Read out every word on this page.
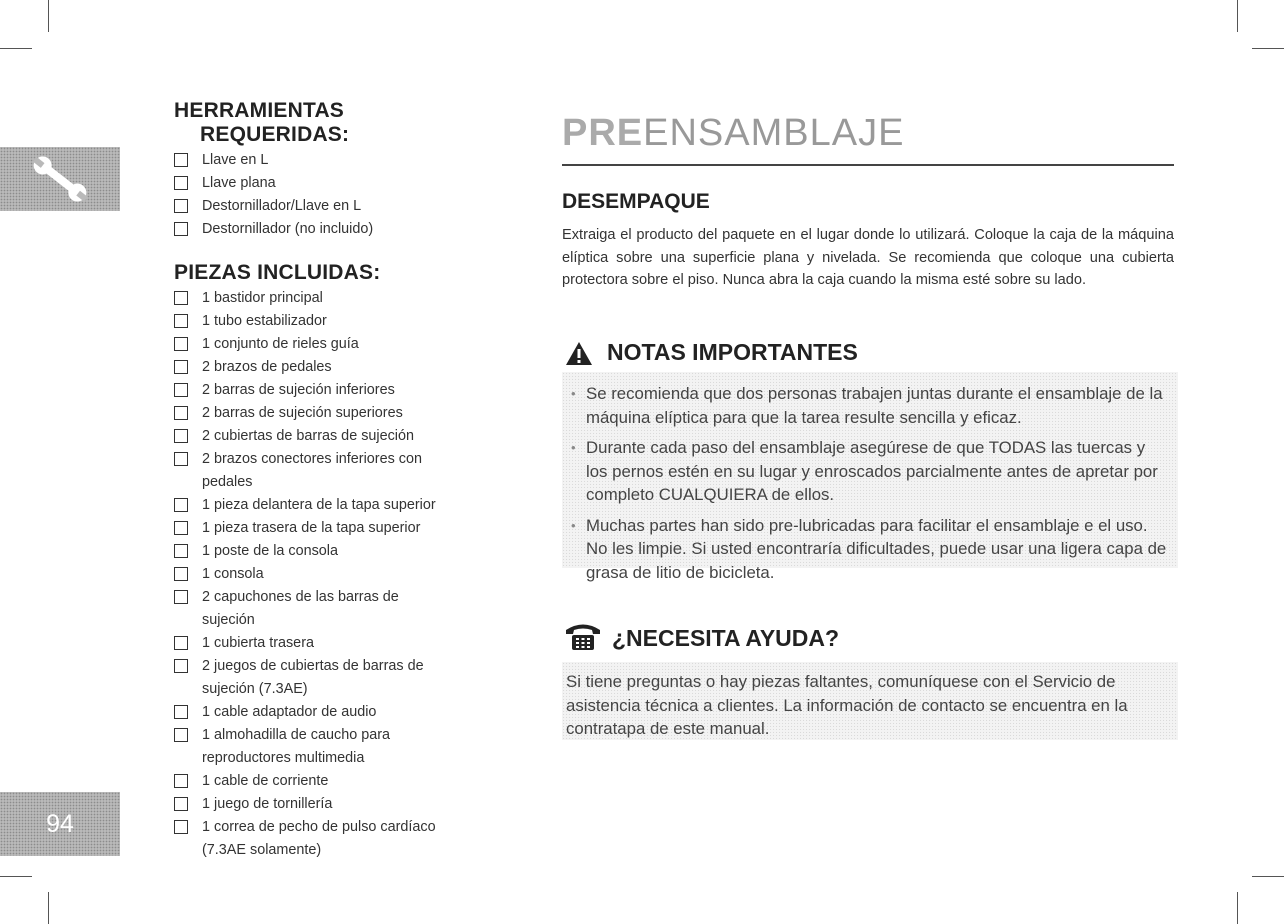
94
HERRAMIENTAS
REQUERIDAS:
Llave en L
Llave plana
Destornillador/Llave en L
Destornillador (no incluido)
PIEZAS INCLUIDAS:
1 bastidor principal
1 tubo estabilizador
1 conjunto de rieles guía
2 brazos de pedales
2 barras de sujeción inferiores
2 barras de sujeción superiores
2 cubiertas de barras de sujeción
2 brazos conectores inferiores con pedales
1 pieza delantera de la tapa superior
1 pieza trasera de la tapa superior
1 poste de la consola
1 consola
2 capuchones de las barras de sujeción
1 cubierta trasera
2 juegos de cubiertas de barras de sujeción (7.3AE)
1 cable adaptador de audio
1 almohadilla de caucho para reproductores multimedia
1 cable de corriente
1 juego de tornillería
1 correa de pecho de pulso cardíaco (7.3AE solamente)
PREENSAMBLAJE
DESEMPAQUE

Extraiga el producto del paquete en el lugar donde lo utilizará. Coloque la caja de la máquina elíptica sobre una superficie plana y nivelada. Se recomienda que coloque una cubierta protectora sobre el piso. Nunca abra la caja cuando la misma esté sobre su lado.

NOTAS IMPORTANTES
• Se recomienda que dos personas trabajen juntas durante el ensamblaje de la máquina elíptica para que la tarea resulte sencilla y eficaz.
• Durante cada paso del ensamblaje asegúrese de que TODAS las tuercas y los pernos estén en su lugar y enroscados parcialmente antes de apretar por completo CUALQUIERA de ellos.
• Muchas partes han sido pre-lubricadas para facilitar el ensamblaje e el uso. No les limpie. Si usted encontraría dificultades, puede usar una ligera capa de grasa de litio de bicicleta.
¿NECESITA AYUDA?

Si tiene preguntas o hay piezas faltantes, comuníquese con el Servicio de asistencia técnica a clientes. La información de contacto se encuentra en la contratapa de este manual.
